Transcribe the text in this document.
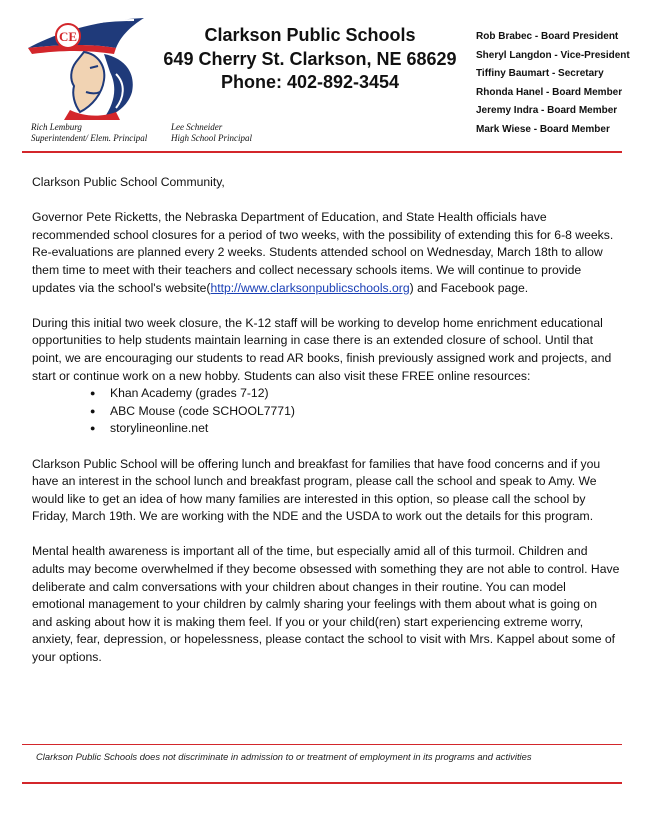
CE	Clarkson Public Schools
649 Cherry St. Clarkson, NE 68629
Phone: 402-892-3454
Rob Brabec - Board President
Sheryl Langdon - Vice-President
Tiffiny Baumart - Secretary
Rhonda Hanel - Board Member
Jeremy Indra - Board Member
Mark Wiese - Board Member
Rich Lemburg
Superintendent/ Elem. Principal
Lee Schneider
High School Principal

Clarkson Public School Community,

Governor Pete Ricketts, the Nebraska Department of Education, and State Health officials have recommended school closures for a period of two weeks, with the possibility of extending this for 6-8 weeks. Re-evaluations are planned every 2 weeks. Students attended school on Wednesday, March 18th to allow them time to meet with their teachers and collect necessary schools items. We will continue to provide updates via the school's website(http://www.clarksonpublicschools.org) and Facebook page.

During this initial two week closure, the K-12 staff will be working to develop home enrichment educational opportunities to help students maintain learning in case there is an extended closure of school. Until that point, we are encouraging our students to read AR books, finish previously assigned work and projects, and start or continue work on a new hobby. Students can also visit these FREE online resources:

● Khan Academy (grades 7-12)
● ABC Mouse (code SCHOOL7771)
● storylineonline.net

Clarkson Public School will be offering lunch and breakfast for families that have food concerns and if you have an interest in the school lunch and breakfast program, please call the school and speak to Amy. We would like to get an idea of how many families are interested in this option, so please call the school by Friday, March 19th. We are working with the NDE and the USDA to work out the details for this program.

Mental health awareness is important all of the time, but especially amid all of this turmoil. Children and adults may become overwhelmed if they become obsessed with something they are not able to control. Have deliberate and calm conversations with your children about changes in their routine. You can model emotional management to your children by calmly sharing your feelings with them about what is going on and asking about how it is making them feel. If you or your child(ren) start experiencing extreme worry, anxiety, fear, depression, or hopelessness, please contact the school to visit with Mrs. Kappel about some of your options.

Clarkson Public Schools does not discriminate in admission to or treatment of employment in its programs and activities
